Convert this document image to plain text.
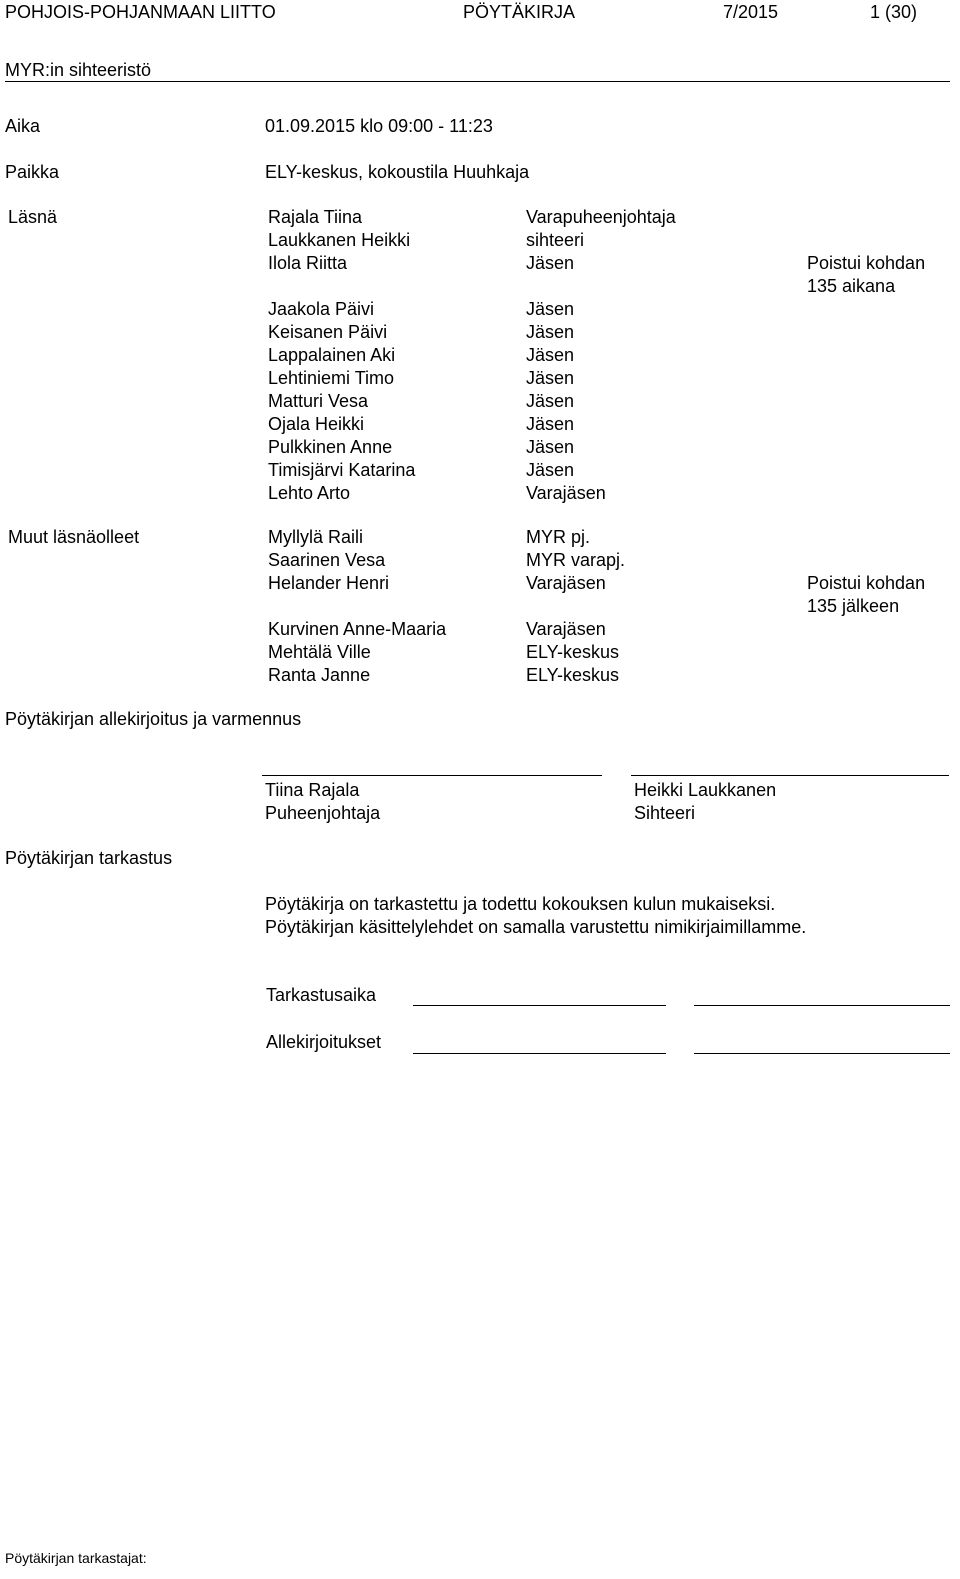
POHJOIS-POHJANMAAN LIITTO	PÖYTÄKIRJA	7/2015	1 (30)
MYR:in sihteeristö
Aika	01.09.2015 klo 09:00 - 11:23
Paikka	ELY-keskus, kokoustila Huuhkaja
Läsnä	Rajala Tiina	Varapuheenjohtaja
Laukkanen Heikki	sihteeri
Ilola Riitta	Jäsen	Poistui kohdan
135 aikana
Jaakola Päivi	Jäsen
Keisanen Päivi	Jäsen
Lappalainen Aki	Jäsen
Lehtiniemi Timo	Jäsen
Matturi Vesa	Jäsen
Ojala Heikki	Jäsen
Pulkkinen Anne	Jäsen
Timisjärvi Katarina	Jäsen
Lehto Arto	Varajäsen
Muut läsnäolleet	Myllylä Raili	MYR pj.
Saarinen Vesa	MYR varapj.
Helander Henri	Varajäsen	Poistui kohdan
135 jälkeen
Kurvinen Anne-Maaria	Varajäsen
Mehtälä Ville	ELY-keskus
Ranta Janne	ELY-keskus
Pöytäkirjan allekirjoitus ja varmennus
Tiina Rajala
Puheenjohtaja
Heikki Laukkanen
Sihteeri
Pöytäkirjan tarkastus
Pöytäkirja on tarkastettu ja todettu kokouksen kulun mukaiseksi.
Pöytäkirjan käsittelylehdet on samalla varustettu nimikirjaimillamme.
Tarkastusaika
Allekirjoitukset
Pöytäkirjan tarkastajat:
